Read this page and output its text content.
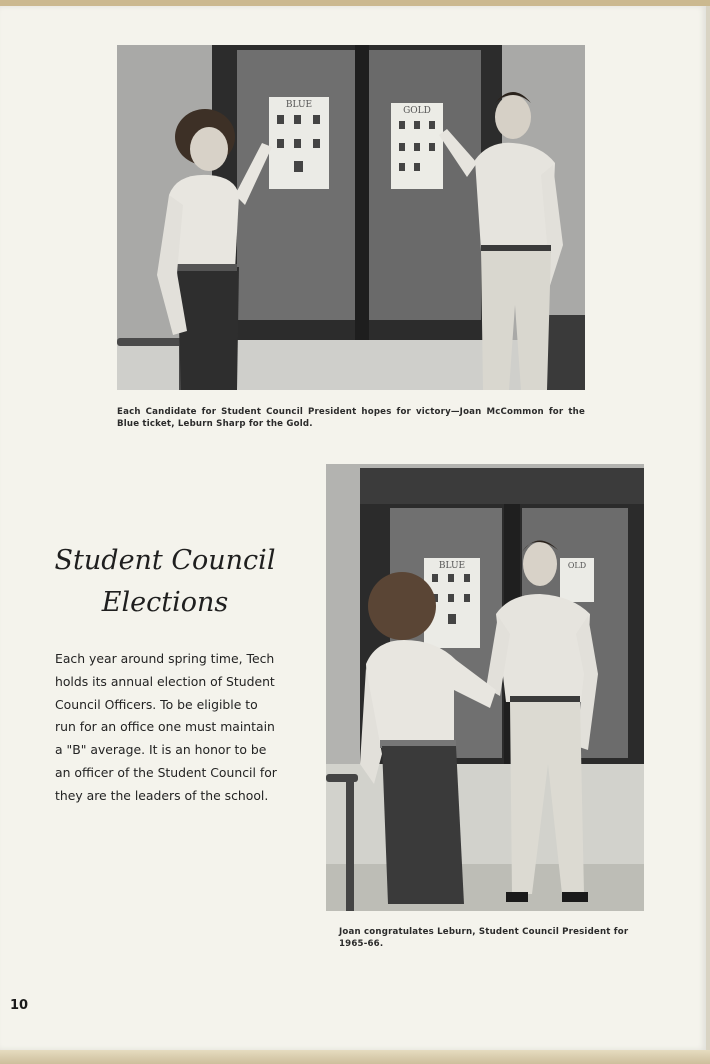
BLUE
GOLD
Each Candidate for Student Council President hopes for victory—Joan McCommon for the Blue ticket, Leburn Sharp for the Gold.
Student Council
Elections

Each year around spring time, Tech holds its annual election of Student Council Officers. To be eligible to run for an office one must maintain a "B" average. It is an honor to be an officer of the Student Council for they are the leaders of the school.

BLUE	OLD
Joan congratulates Leburn, Student Council President for 1965-66.
10
